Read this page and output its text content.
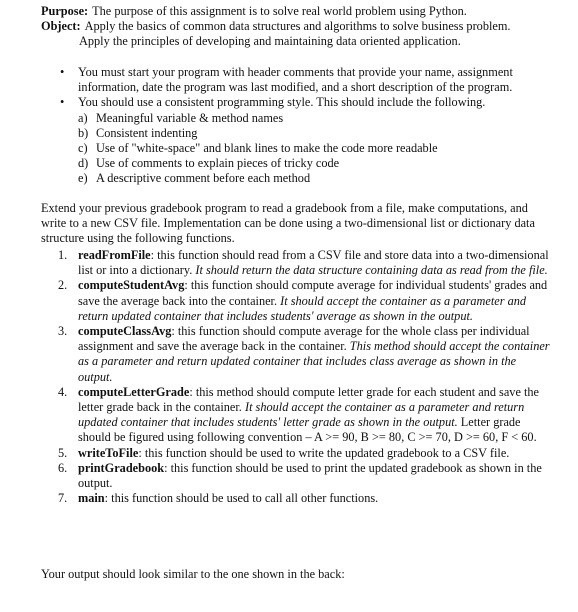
Purpose: The purpose of this assignment is to solve real world problem using Python.
Object: Apply the basics of common data structures and algorithms to solve business problem.
Apply the principles of developing and maintaining data oriented application.
• You must start your program with header comments that provide your name, assignment information, date the program was last modified, and a short description of the program.
• You should use a consistent programming style. This should include the following.
a) Meaningful variable & method names
b) Consistent indenting
c) Use of "white-space" and blank lines to make the code more readable
d) Use of comments to explain pieces of tricky code
e) A descriptive comment before each method

Extend your previous gradebook program to read a gradebook from a file, make computations, and write to a new CSV file. Implementation can be done using a two-dimensional list or dictionary data structure using the following functions.

1. readFromFile: this function should read from a CSV file and store data into a two-dimensional list or into a dictionary. It should return the data structure containing data as read from the file.
2. computeStudentAvg: this function should compute average for individual students' grades and save the average back into the container. It should accept the container as a parameter and return updated container that includes students' average as shown in the output.
3. computeClassAvg: this function should compute average for the whole class per individual assignment and save the average back in the container. This method should accept the container as a parameter and return updated container that includes class average as shown in the output.
4. computeLetterGrade: this method should compute letter grade for each student and save the letter grade back in the container. It should accept the container as a parameter and return updated container that includes students' letter grade as shown in the output. Letter grade should be figured using following convention – A >= 90, B >= 80, C >= 70, D >= 60, F < 60.
5. writeToFile: this function should be used to write the updated gradebook to a CSV file.
6. printGradebook: this function should be used to print the updated gradebook as shown in the output.
7. main: this function should be used to call all other functions.

Your output should look similar to the one shown in the back:
